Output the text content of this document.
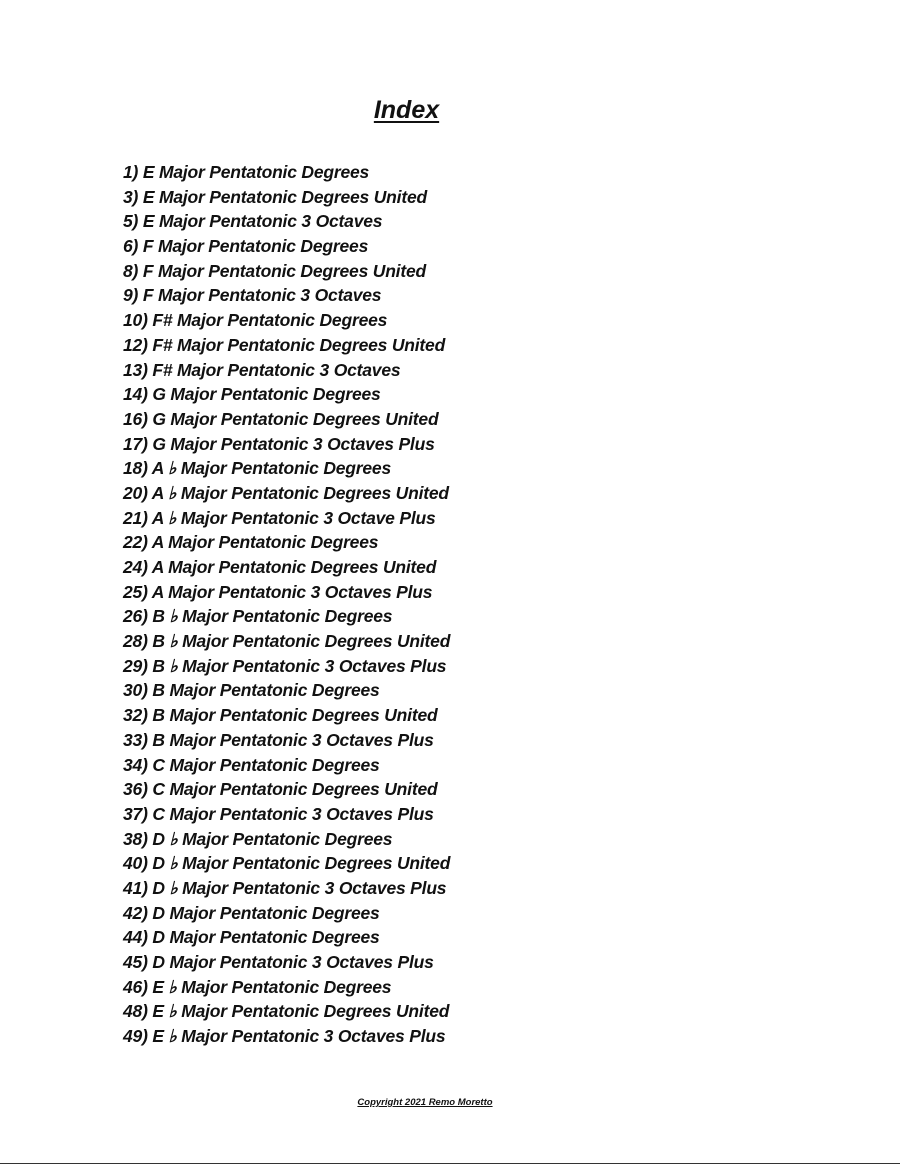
Index
1) E Major Pentatonic Degrees
3) E Major Pentatonic Degrees United
5) E Major Pentatonic 3 Octaves
6) F Major Pentatonic Degrees
8) F Major Pentatonic Degrees United
9) F Major Pentatonic 3 Octaves
10) F# Major Pentatonic Degrees
12) F# Major Pentatonic Degrees United
13) F# Major Pentatonic 3 Octaves
14) G Major Pentatonic Degrees
16) G Major Pentatonic Degrees United
17) G Major Pentatonic 3 Octaves Plus
18) A ♭ Major Pentatonic Degrees
20) A ♭ Major Pentatonic Degrees United
21) A ♭ Major Pentatonic 3 Octave Plus
22) A Major Pentatonic Degrees
24) A Major Pentatonic Degrees United
25) A Major Pentatonic 3 Octaves Plus
26) B ♭ Major Pentatonic Degrees
28) B ♭ Major Pentatonic Degrees United
29) B ♭ Major Pentatonic 3 Octaves Plus
30) B Major Pentatonic Degrees
32) B Major Pentatonic Degrees United
33) B Major Pentatonic 3 Octaves Plus
34) C Major Pentatonic Degrees
36) C Major Pentatonic Degrees United
37) C Major Pentatonic 3 Octaves Plus
38) D ♭ Major Pentatonic Degrees
40) D ♭ Major Pentatonic Degrees United
41) D ♭ Major Pentatonic 3 Octaves Plus
42) D Major Pentatonic Degrees
44) D Major Pentatonic Degrees
45) D Major Pentatonic 3 Octaves Plus
46) E ♭ Major Pentatonic Degrees
48) E ♭ Major Pentatonic Degrees United
49) E ♭ Major Pentatonic 3 Octaves Plus

Copyright 2021 Remo Moretto
